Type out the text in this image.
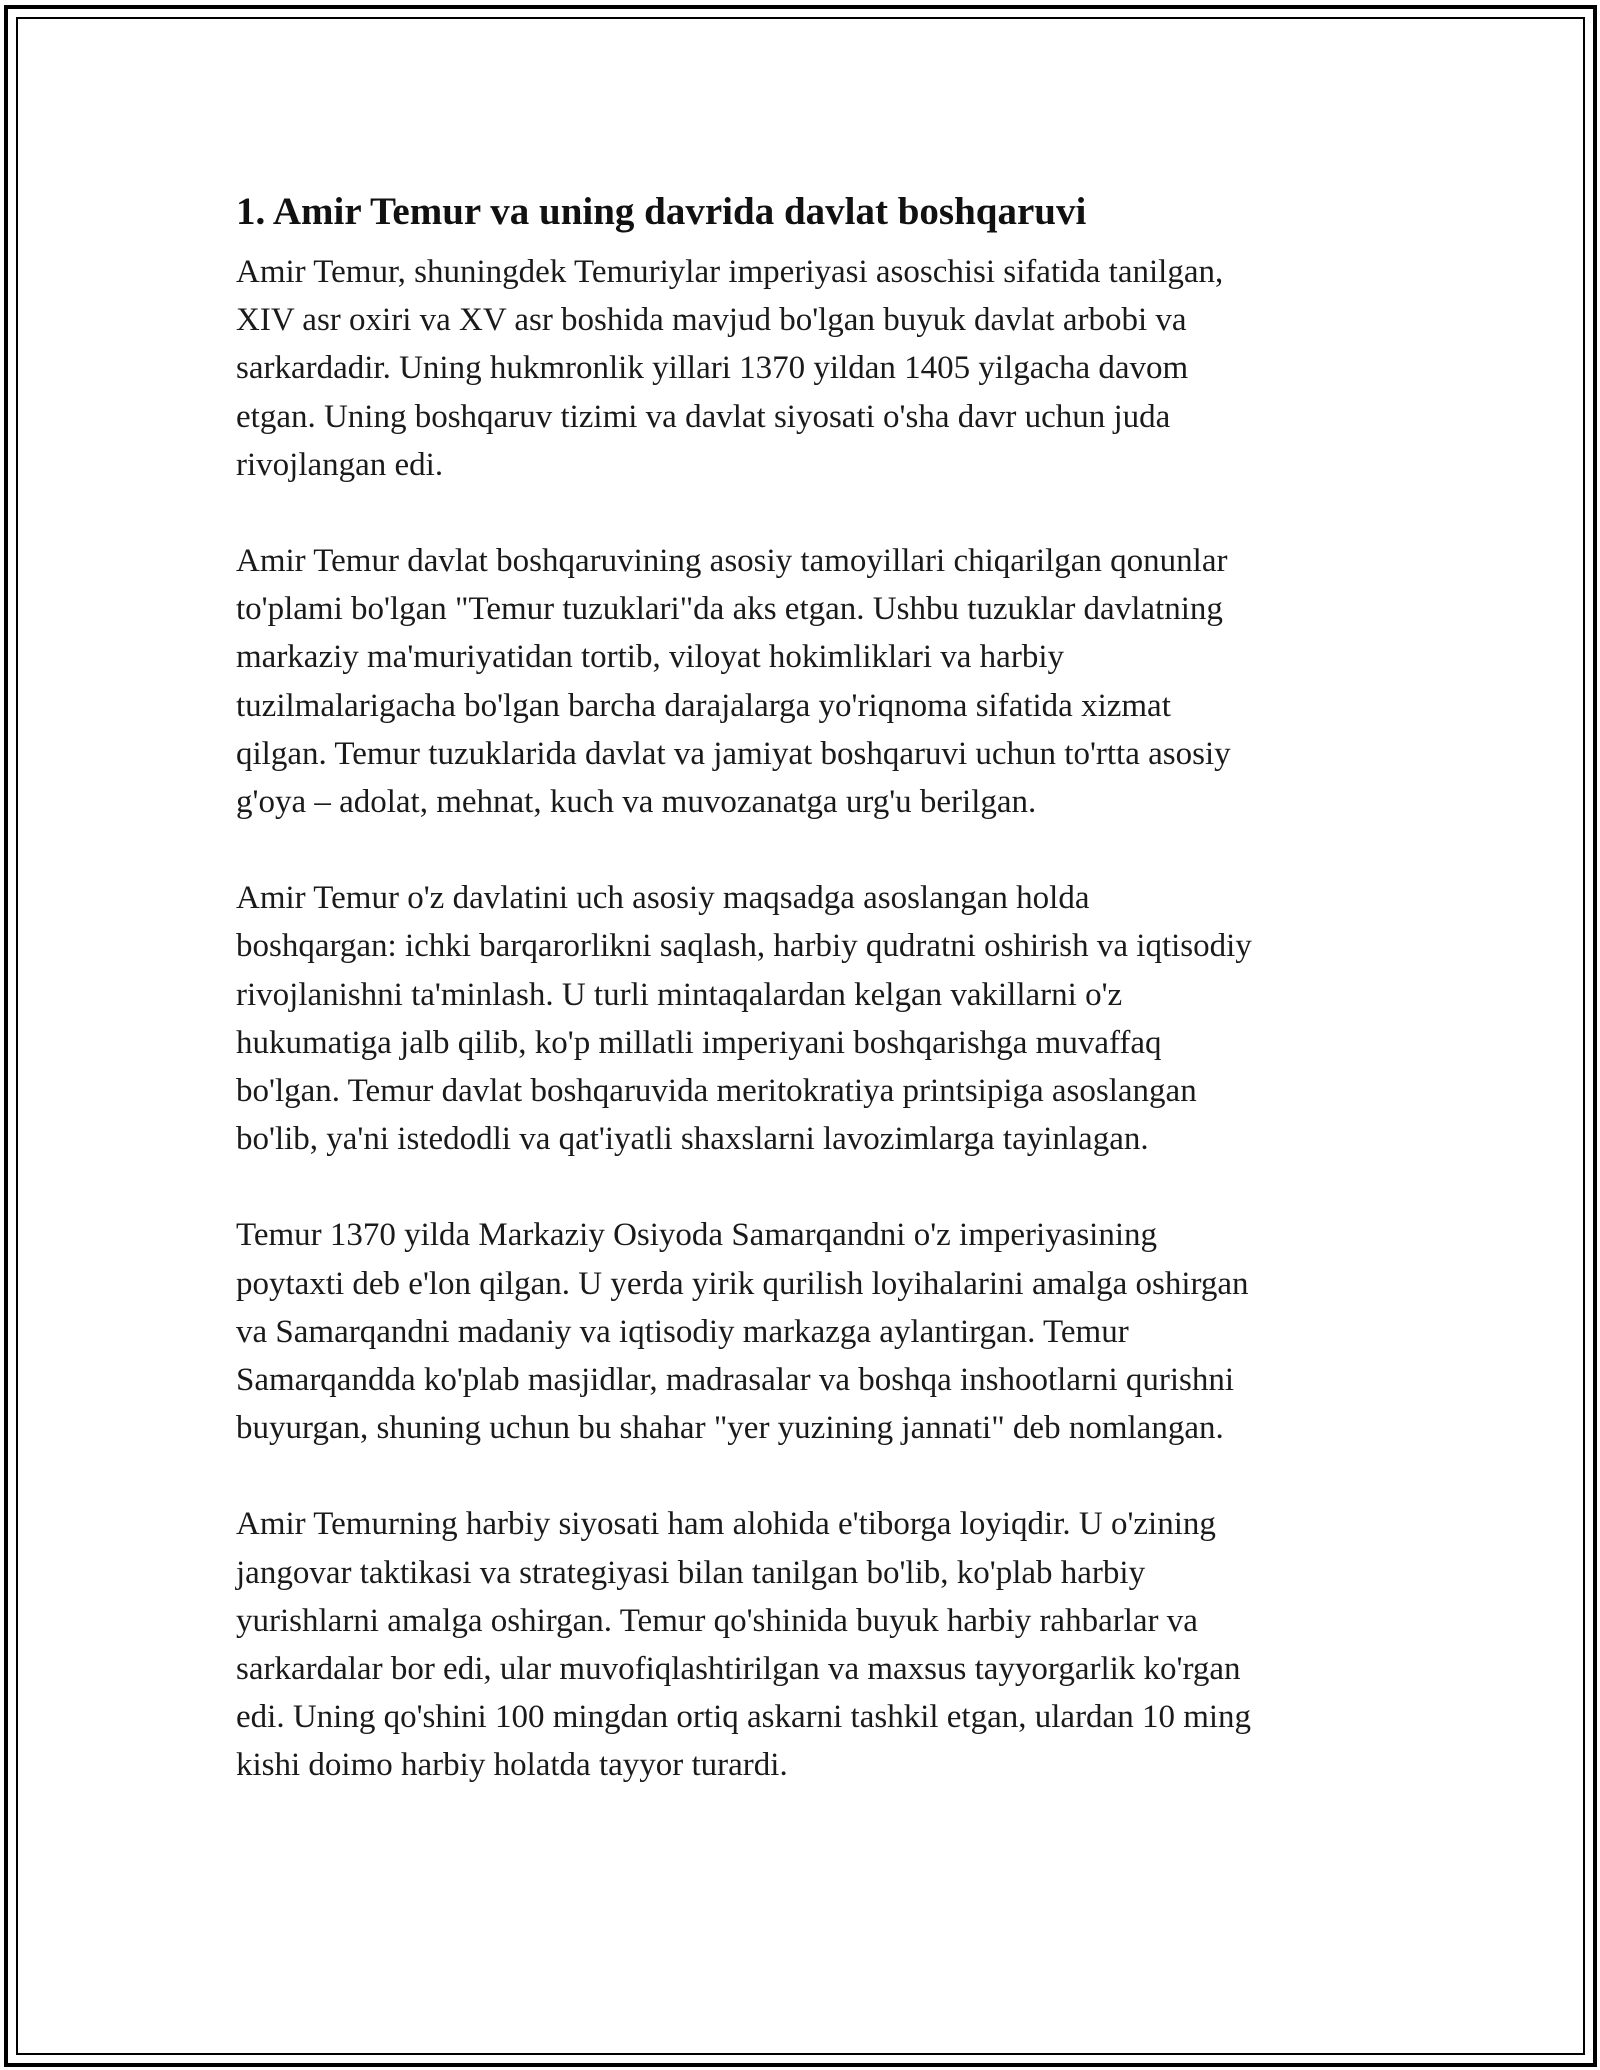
1. Amir Temur va uning davrida davlat boshqaruvi

Amir Temur, shuningdek Temuriylar imperiyasi asoschisi sifatida tanilgan,
XIV asr oxiri va XV asr boshida mavjud bo'lgan buyuk davlat arbobi va
sarkardadir. Uning hukmronlik yillari 1370 yildan 1405 yilgacha davom
etgan. Uning boshqaruv tizimi va davlat siyosati o'sha davr uchun juda
rivojlangan edi.

Amir Temur davlat boshqaruvining asosiy tamoyillari chiqarilgan qonunlar
to'plami bo'lgan "Temur tuzuklari"da aks etgan. Ushbu tuzuklar davlatning
markaziy ma'muriyatidan tortib, viloyat hokimliklari va harbiy
tuzilmalarigacha bo'lgan barcha darajalarga yo'riqnoma sifatida xizmat
qilgan. Temur tuzuklarida davlat va jamiyat boshqaruvi uchun to'rtta asosiy
g'oya – adolat, mehnat, kuch va muvozanatga urg'u berilgan.

Amir Temur o'z davlatini uch asosiy maqsadga asoslangan holda
boshqargan: ichki barqarorlikni saqlash, harbiy qudratni oshirish va iqtisodiy
rivojlanishni ta'minlash. U turli mintaqalardan kelgan vakillarni o'z
hukumatiga jalb qilib, ko'p millatli imperiyani boshqarishga muvaffaq
bo'lgan. Temur davlat boshqaruvida meritokratiya printsipiga asoslangan
bo'lib, ya'ni istedodli va qat'iyatli shaxslarni lavozimlarga tayinlagan.

Temur 1370 yilda Markaziy Osiyoda Samarqandni o'z imperiyasining
poytaxti deb e'lon qilgan. U yerda yirik qurilish loyihalarini amalga oshirgan
va Samarqandni madaniy va iqtisodiy markazga aylantirgan. Temur
Samarqandda ko'plab masjidlar, madrasalar va boshqa inshootlarni qurishni
buyurgan, shuning uchun bu shahar "yer yuzining jannati" deb nomlangan.

Amir Temurning harbiy siyosati ham alohida e'tiborga loyiqdir. U o'zining
jangovar taktikasi va strategiyasi bilan tanilgan bo'lib, ko'plab harbiy
yurishlarni amalga oshirgan. Temur qo'shinida buyuk harbiy rahbarlar va
sarkardalar bor edi, ular muvofiqlashtirilgan va maxsus tayyorgarlik ko'rgan
edi. Uning qo'shini 100 mingdan ortiq askarni tashkil etgan, ulardan 10 ming
kishi doimo harbiy holatda tayyor turardi.
